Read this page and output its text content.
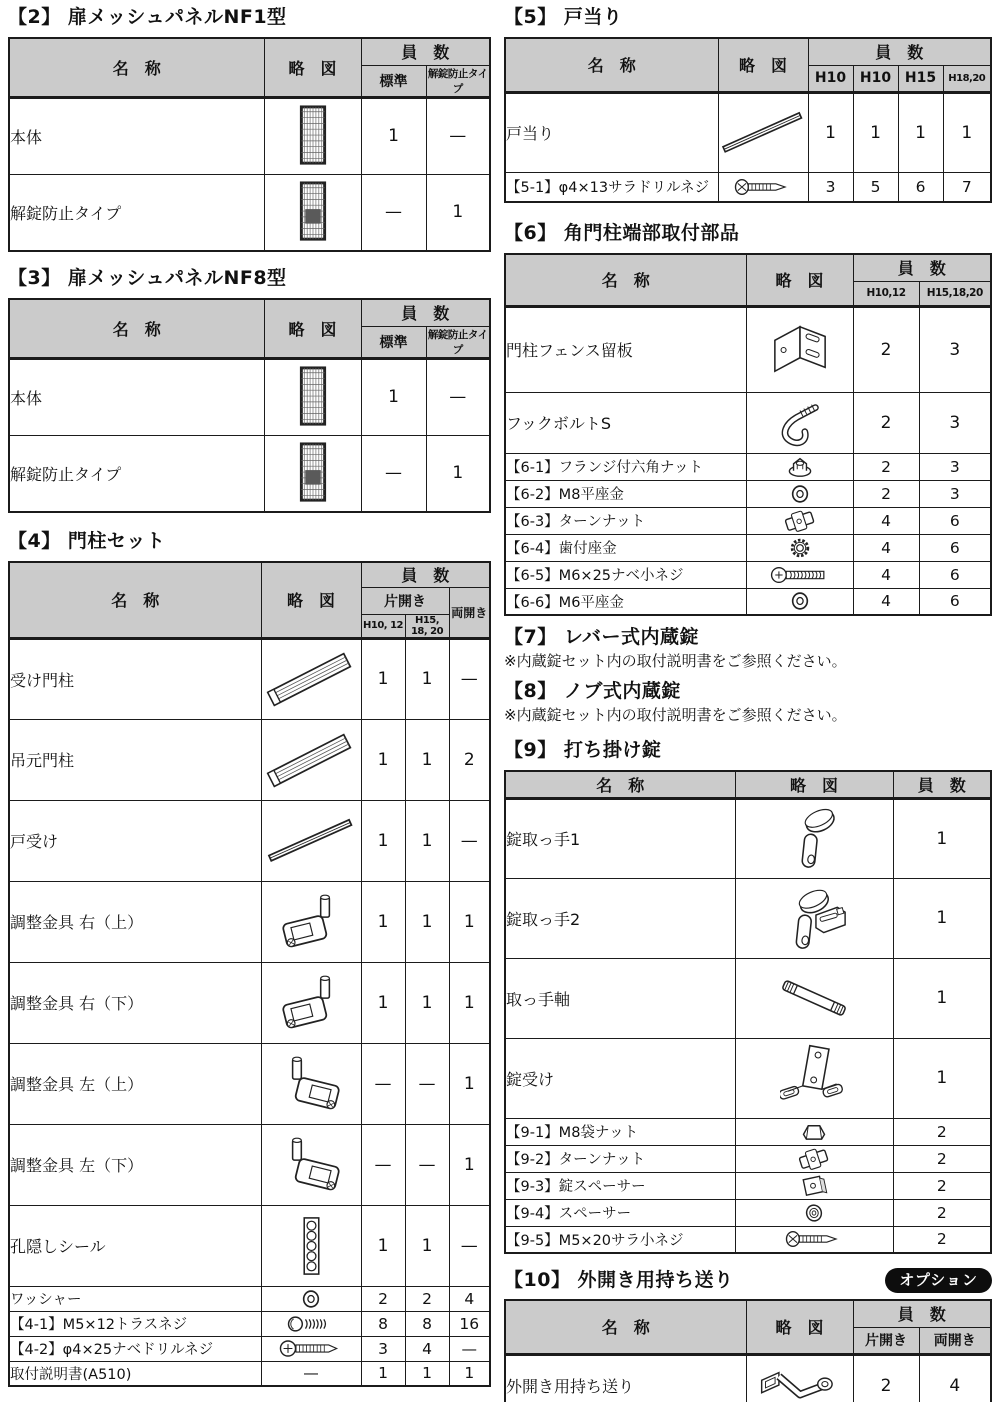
【2】 扉メッシュパネルNF1型
名　称	略　図	員　数	
		標準	解錠防止タイプ
本体		1	—
解錠防止タイプ		—	1
【3】 扉メッシュパネルNF8型
名　称	略　図	員　数	
		標準	解錠防止タイプ
本体		1	—
解錠防止タイプ		—	1
【4】 門柱セット
名　称	略　図	員　数		
		片開き		両開き
		H10, 12	H15, 18, 20	
受け門柱		1	1	—
吊元門柱		1	1	2
戸受け		1	1	—
調整金具 右（上）		1	1	1
調整金具 右（下）		1	1	1
調整金具 左（上）		—	—	1
調整金具 左（下）		—	—	1
孔隠しシール		1	1	—
ワッシャー		2	2	4
【4-1】M5×12トラスネジ		8	8	16
【4-2】φ4×25ナベドリルネジ		3	4	—
取付説明書(A510)	—	1	1	1
【5】 戸当り
名　称	略　図	員　数			
		H10	H10	H15	H18,20
戸当り		1	1	1	1
【5-1】φ4×13サラドリルネジ		3	5	6	7
【6】 角門柱端部取付部品
名　称	略　図	員　数	
		H10,12	H15,18,20
門柱フェンス留板		2	3
フックボルトS		2	3
【6-1】フランジ付六角ナット		2	3
【6-2】M8平座金		2	3
【6-3】ターンナット		4	6
【6-4】歯付座金		4	6
【6-5】M6×25ナベ小ネジ		4	6
【6-6】M6平座金		4	6
【7】 レバー式内蔵錠
※内蔵錠セット内の取付説明書をご参照ください。
【8】 ノブ式内蔵錠
※内蔵錠セット内の取付説明書をご参照ください。
【9】 打ち掛け錠
名　称	略　図	員　数
錠取っ手1		1
錠取っ手2		1
取っ手軸		1
錠受け		1
【9-1】M8袋ナット		2
【9-2】ターンナット		2
【9-3】錠スペーサー		2
【9-4】スペーサー		2
【9-5】M5×20サラ小ネジ		2
【10】 外開き用持ち送り	オプション
名　称	略　図	員　数	
		片開き	両開き
外開き用持ち送り		2	4
